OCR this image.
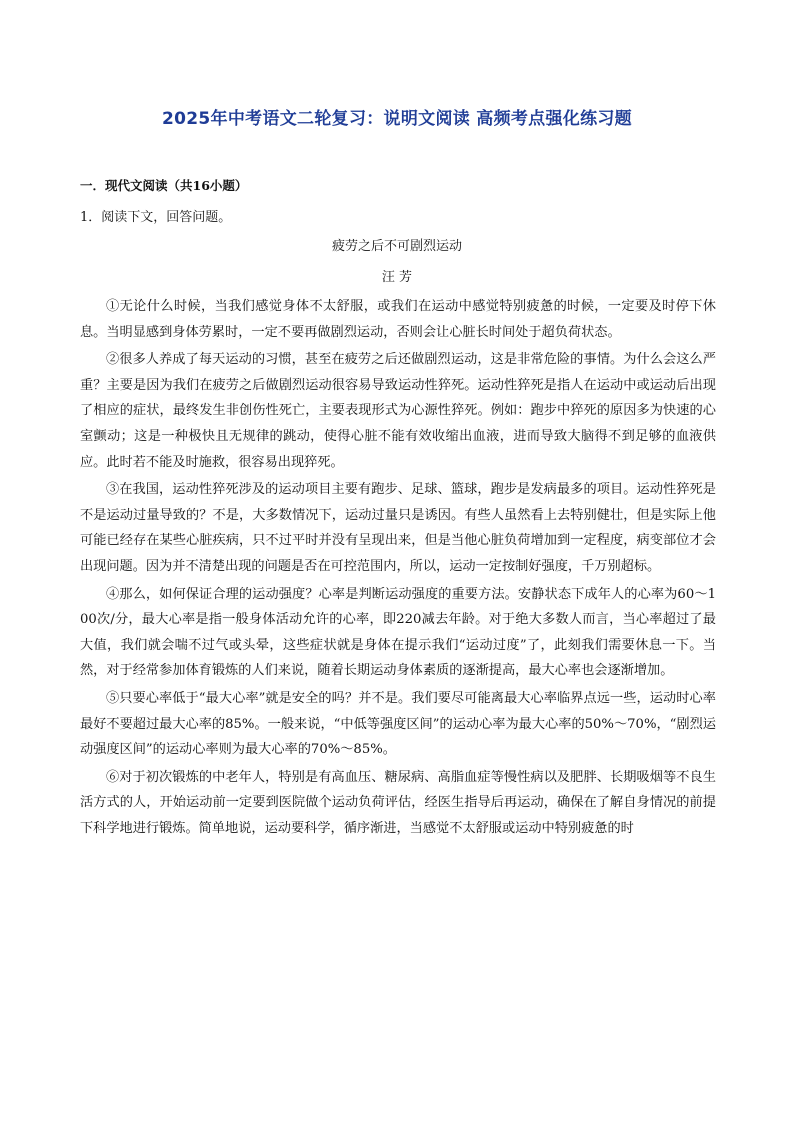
2025年中考语文二轮复习：说明文阅读 高频考点强化练习题
一．现代文阅读（共16小题）
1．阅读下文，回答问题。
疲劳之后不可剧烈运动
汪 芳

①无论什么时候，当我们感觉身体不太舒服，或我们在运动中感觉特别疲惫的时候，一定要及时停下休息。当明显感到身体劳累时，一定不要再做剧烈运动，否则会让心脏长时间处于超负荷状态。

②很多人养成了每天运动的习惯，甚至在疲劳之后还做剧烈运动，这是非常危险的事情。为什么会这么严重？主要是因为我们在疲劳之后做剧烈运动很容易导致运动性猝死。运动性猝死是指人在运动中或运动后出现了相应的症状，最终发生非创伤性死亡，主要表现形式为心源性猝死。例如：跑步中猝死的原因多为快速的心室颤动；这是一种极快且无规律的跳动，使得心脏不能有效收缩出血液，进而导致大脑得不到足够的血液供应。此时若不能及时施救，很容易出现猝死。

③在我国，运动性猝死涉及的运动项目主要有跑步、足球、篮球，跑步是发病最多的项目。运动性猝死是不是运动过量导致的？不是，大多数情况下，运动过量只是诱因。有些人虽然看上去特别健壮，但是实际上他可能已经存在某些心脏疾病，只不过平时并没有呈现出来，但是当他心脏负荷增加到一定程度，病变部位才会出现问题。因为并不清楚出现的问题是否在可控范围内，所以，运动一定按制好强度，千万别超标。

④那么，如何保证合理的运动强度？心率是判断运动强度的重要方法。安静状态下成年人的心率为60～100次/分，最大心率是指一般身体活动允许的心率，即220减去年龄。对于绝大多数人而言，当心率超过了最大值，我们就会喘不过气或头晕，这些症状就是身体在提示我们“运动过度”了，此刻我们需要休息一下。当然，对于经常参加体育锻炼的人们来说，随着长期运动身体素质的逐渐提高，最大心率也会逐渐增加。

⑤只要心率低于“最大心率”就是安全的吗？并不是。我们要尽可能离最大心率临界点远一些，运动时心率最好不要超过最大心率的85%。一般来说，“中低等强度区间”的运动心率为最大心率的50%～70%，“剧烈运动强度区间”的运动心率则为最大心率的70%～85%。

⑥对于初次锻炼的中老年人，特别是有高血压、糖尿病、高脂血症等慢性病以及肥胖、长期吸烟等不良生活方式的人，开始运动前一定要到医院做个运动负荷评估，经医生指导后再运动，确保在了解自身情况的前提下科学地进行锻炼。简单地说，运动要科学，循序渐进，当感觉不太舒服或运动中特别疲惫的时
